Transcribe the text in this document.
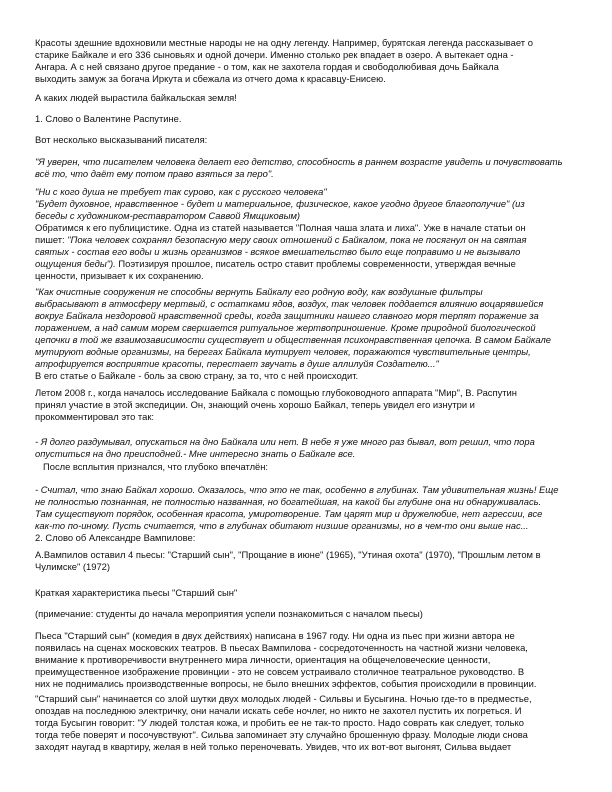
Красоты здешние вдохновили местные народы не на одну легенду. Например, бурятская легенда рассказывает о
старике Байкале и его 336 сыновьях и одной дочери. Именно столько рек впадает в озеро. А вытекает одна -
Ангара. А с ней связано другое предание - о том, как не захотела гордая и свободолюбивая дочь Байкала
выходить замуж за богача Иркута и сбежала из отчего дома к красавцу-Енисею.
А каких людей вырастила байкальская земля!
1. Слово о Валентине Распутине.
Вот несколько высказываний писателя:
"Я уверен, что писателем человека делает его детство, способность в раннем возрасте увидеть и почувствовать
всё то, что даёт ему потом право взяться за перо".
"Ни с кого душа не требует так сурово, как с русского человека"
"Будет духовное, нравственное - будет и материальное, физическое, какое угодно другое благополучие" (из
беседы с художником-реставратором Саввой Ямщиковым)
Обратимся к его публицистике. Одна из статей называется "Полная чаша злата и лиха". Уже в начале статьи он
пишет: "Пока человек сохранял безопасную меру своих отношений с Байкалом, пока не посягнул он на святая
святых - состав его воды и жизнь организмов - всякое вмешательство было еще поправимо и не вызывало
ощущения беды"). Поэтизируя прошлое, писатель остро ставит проблемы современности, утверждая вечные
ценности, призывает к их сохранению.
"Как очистные сооружения не способны вернуть Байкалу его родную воду, как воздушные фильтры
выбрасывают в атмосферу мертвый, с остатками ядов, воздух, так человек поддается влиянию воцарявшейся
вокруг Байкала нездоровой нравственной среды, когда защитники нашего славного моря терпят поражение за
поражением, а над самим морем свершается ритуальное жертвоприношение. Кроме природной биологической
цепочки в той же взаимозависимости существует и общественная психонравственная цепочка. В самом Байкале
мутируют водные организмы, на берегах Байкала мутирует человек, поражаются чувствительные центры,
атрофируется восприятие красоты, перестает звучать в душе аллилуйя Создателю..."
В его статье о Байкале - боль за свою страну, за то, что с ней происходит.
Летом 2008 г., когда началось исследование Байкала с помощью глубоководного аппарата "Мир", В. Распутин
принял участие в этой экспедиции. Он, знающий очень хорошо Байкал, теперь увидел его изнутри и
прокомментировал это так:
- Я долго раздумывал, опускаться на дно Байкала или нет. В небе я уже много раз бывал, вот решил, что пора
опуститься на дно преисподней.- Мне интересно знать о Байкале все.
После всплытия признался, что глубоко впечатлён:
- Считал, что знаю Байкал хорошо. Оказалось, что это не так, особенно в глубинах. Там удивительная жизнь! Еще
не полностью познанная, не полностью названная, но богатейшая, на какой бы глубине она ни обнаруживалась.
Там существуют порядок, особенная красота, умиротворение. Там царят мир и дружелюбие, нет агрессии, все
как-то по-иному. Пусть считается, что в глубинах обитают низшие организмы, но в чем-то они выше нас...
2. Слово об Александре Вампилове:
А.Вампилов оставил 4 пьесы: "Старший сын", "Прощание в июне" (1965), "Утиная охота" (1970), "Прошлым летом в
Чулимске" (1972)
Краткая характеристика пьесы "Старший сын"
(примечание: студенты до начала мероприятия успели познакомиться с началом пьесы)
Пьеса "Старший сын" (комедия в двух действиях) написана в 1967 году. Ни одна из пьес при жизни автора не
появилась на сценах московских театров. В пьесах Вампилова - сосредоточенность на частной жизни человека,
внимание к противоречивости внутреннего мира личности, ориентация на общечеловеческие ценности,
преимущественное изображение провинции - это не совсем устраивало столичное театральное руководство. В
них не поднимались производственные вопросы, не было внешних эффектов, события происходили в провинции.
"Старший сын" начинается со злой шутки двух молодых людей - Сильвы и Бусыгина. Ночью где-то в предместье,
опоздав на последнюю электричку, они начали искать себе ночлег, но никто не захотел пустить их погреться. И
тогда Бусыгин говорит: "У людей толстая кожа, и пробить ее не так-то просто. Надо соврать как следует, только
тогда тебе поверят и посочувствуют". Сильва запоминает эту случайно брошенную фразу. Молодые люди снова
заходят наугад в квартиру, желая в ней только переночевать. Увидев, что их вот-вот выгонят, Сильва выдает
